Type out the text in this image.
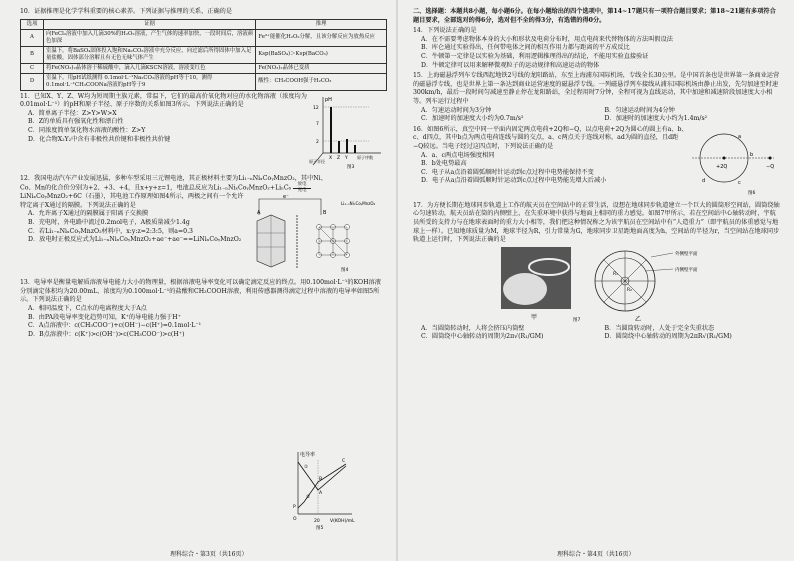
10．证据推理是化学学科重要的核心素养。下列证据与推理的关系，正确的是
选项	证据	推理
A	向FeCl₂溶液中加入几滴30%的H₂O₂溶液，产生气体的速率加快，一段时间后，溶液颜色加深	Fe³⁺能催化H₂O₂分解，且该分解反应为放热反应
B	室温下，将BaSO₄固体投入饱和Na₂CO₃溶液中充分反应，向过滤后所得固体中加入足量盐酸，固体部分溶解且有无色无味气体产生	Ksp(BaSO₄)＞Ksp(BaCO₃)
C	将Fe(NO₃)₂晶体溶于稀硫酸中，滴入几滴KSCN溶液，溶液变红色	Fe(NO₃)₂晶体已变质
D	室温下，用pH试纸测得 0.1mol·L⁻¹Na₂CO₃溶液的pH等于10，测得0.1mol·L⁻¹CH₃COONa溶液的pH等于9	酸性：CH₃COOH强于H₂CO₃
11．已知X、Y、Z、W均为短周期主族元素，常温下，它们的最高价氧化物对应的水化物溶液（浓度均为0.01mol·L⁻¹）的pH和原子半径、原子序数的关系如图3所示。下列说法正确的是
A．简单离子半径：Z>Y>W>X
B．Z的单质具有强氧化性和漂白性
C．同浓度简单氢化物水溶液的酸性：Z>Y
D．化合物X₂Y₂中含有非极性共价键和非极性共价键
pH
12
7
2
原子半径
X Z Y 原子序数
图3
12．我国电动汽车产业发展迅猛，多种车型采用三元锂电池，其正极材料主要为Li₁₋ₙNiₓCoᵧMnzO₂，其中Ni、
Co、Mn的化合价分别为+2、+3、+4，且x+y+z=1，电池总反应为Li₁₋ₙNiₓCoᵧMnzO₂+LiₙC₆	放电
充电
LiNiₓCoᵧMnzO₂+6C（石墨），其电池工作原理如图4所示，两极之间有一个允许特定离子X通过的隔膜。下列说法正确的是
A．允许离子X通过的隔膜属于阳离子交换膜
B．充电时，外电路中流过0.2mol电子，A极质量减少1.4g
C．若Li₁₋ₙNiₓCoᵧMnzO₂材料中，x:y:z=2:3:5，则a=0.3
D．放电时正极反应式为Li₁₋ₙNiₓCoᵧMnzO₂+ae⁻+ae⁻==LiNiₓCoᵧMnzO₂
e⁻
A	B
Li₁₋ₙNiₓCoᵧMnzO₂
图4
13．电导率是衡量电解质溶液导电能力大小的物理量，根据溶液电导率变化可以确定滴定反应的终点。用0.100mol·L⁻¹的KOH溶液分别滴定体积均为20.00mL、浓度均为0.100mol·L⁻¹的盐酸和CH₃COOH溶液，利用传感器测得滴定过程中溶液的电导率如图5所示。下列说法正确的是
A．相同温度下，C点水的电离程度大于A点
B．由PA段电导率变化趋势可知，K⁺的导电能力强于H⁺
C．A点溶液中：c(CH₃COO⁻)+c(OH⁻)−c(H⁺)=0.1mol·L⁻¹
D．B点溶液中：c(K⁺)>c(OH⁻)>c(CH₃COO⁻)>c(H⁺)
电导率
V(KOH)/mL
20
P
A
B
C
①
②
O
图5
理科综合・第3页（共16页）
二、选择题：本题共8小题，每小题6分。在每小题给出的四个选项中，第14~17题只有一项符合题目要求；第18~21题有多项符合题目要求，全部选对的得6分，选对但不全的得3分，有选错的得0分。
14．下列说法正确的是
A．在不需要考虑物体本身的大小和形状及电荷分布时，用点电荷来代替物体的方法叫假设法
B．库仑通过实验得出，任何带电体之间的相互作用力都与距离的平方成反比
C．牛顿第一定律是以实验为基础，利用逻辑推理得出的结论，不能用实验直接验证
D．牛顿定律可以用来解释微观粒子的运动规律和高速运动的物体
15．上海磁悬浮列车专线西起地铁2号线的龙阳路站，东至上海浦东国际机场，专线全长30公里。是中国首条也是世界第一条商业运营的磁悬浮专线，也是世界上第一条达到商业运营速度的磁悬浮专线。一列磁悬浮列车接线从浦东国际机场由静止出发，先匀加速至时速300km/h，最后一段时间匀减速至静止停在龙阳路站，全过程用时7分钟，全程可视为直线运动，其中加速和减速阶段加速度大小相等。列车运行过程中
A．匀速运动时间为3分钟	B．匀速运动时间为4分钟
C．加速时的加速度大小约为0.7m/s²	D．加速时的加速度大小约为1.4m/s²
16．如图6所示，真空中同一平面内固定两点电荷+2Q和−Q，以点电荷+2Q为圆心的圆上有a、b、c、d四点，其中b点为两点电荷连线与圆的交点，a、c两点关于连线对称，ad为圆的直径，且d距−Q较远。当电子经过这四点时，下列说法正确的是
A．a、c两点电场强度相同
B．b处电势最高
C．电子从a点沿着圆弧顺时针运动到c点过程中电势能保持不变
D．电子从a点沿着圆弧顺时针运动到c点过程中电势能先增大后减小
+2Q	−Q
a
b
c
d
图6
17．为方便长期在地球同步轨道上工作的航天员在空间站中的正常生活，设想在地球同步轨道建立一个巨大的圆筒形空间站，圆筒绕轴心匀速转动，航天员站在筒的内侧壁上，在失重环境中获得与地面上相同的重力感觉。如图7甲所示，若在空间站中心轴转动时，宇航员所受的支持力与在地球表面时的重力大小相等，我们把这种情况称之为该宇航员在空间站中有“人造重力”（即宇航员的体重感觉与地球上一样）。已知地球质量为M，地球半径为R，引力常量为G，地球同步卫星距地面高度为h，空间站的半径为r，当空间站在地球同步轨道上运行时，下列说法正确的是
甲
R₁
R₂
外侧壁平面
内侧壁平面
乙
图7
A．当圆筒转动时，人将会挤压内筒壁	B．当圆筒转动时，人处于完全失重状态
C．圆筒绕中心轴转动的周期为2π√(R₁/GM)	D．圆筒绕中心轴转动的周期为2πR√(R₁/GM)
理科综合・第4页（共16页）
